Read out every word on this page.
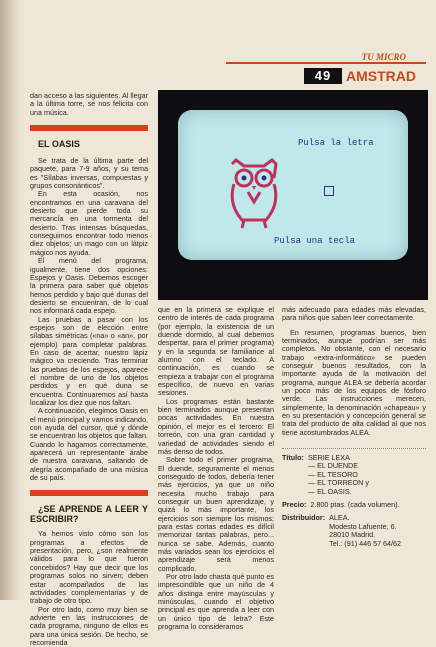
TU MICRO
49	AMSTRAD

dan acceso a las siguientes. Al llegar a la última torre, se nos felicita con una música.

EL OASIS

Se trata de la última parte del paquete, para 7-9 años, y su tema es "Sílabas inversas, compuestas y grupos consonánticos".

En esta ocasión, nos encontramos en una caravana del desierto que pierde toda su mercancía en una tormenta del desierto. Tras intensas búsquedas, conseguimos encontrar todo menos diez objetos; un mago con un látpiz mágico nos ayuda.

El menú del programa, igualmente, tiene dos opciones: Espejos y Oasis. Debemos escoger la primera para saber qué objetos hemos perdido y bajo qué dunas del desierto se encuentran, de lo cual nos informará cada espejo.

Las pruebas a pasar con los espejos son de elección entre sílabas simétricas («na» o «an», por ejemplo) para completar palabras. En caso de acertar, nuestro lápiz mágico va creciendo. Tras terminar las pruebas de los espejos, aparece el nombre de uno de los objetos perdidos y en qué duna se encuentra. Continuaremos así hasta localizar los diez que nos faltan.

A continuación, elegimos Oasis en el menú principal y vamos indicando, con ayuda del cursor, qué y dónde se encuentran los objetos que faltan. Cuando lo hagamos correctamente, aparecerá un representante árabe de nuestra caravana, saltando de alegría acompañado de una música de su país.

¿SE APRENDE A LEER Y ESCRIBIR?

Ya hemos visto cómo son los programas a efectos de presentación, pero, ¿son realmente válidos para lo que fueron concebidos? Hay que decir que los programas solos no sirven; deben estar acompañados de las actividades complementarias y de trabajo de otro tipo.

Por otro lado, como muy bien se advierte en las instrucciones de cada programa, ninguno de ellos es para una única sesión. De hecho, se recomienda

Pulsa la letra
Pulsa una tecla

que en la primera se explique el centro de interés de cada programa (por ejemplo, la existencia de un duende dormido, al cual debemos despertar, para el primer programa) y en la segunda se familiarice al alumno con el teclado. A continuación, es cuando se empieza a trabajar con el programa específico, de nuevo en varias sesiones.

Los programas están bastante bien terminados aunque presentan pocas actividades. En nuestra opinión, el mejor es el tercero: El torreón, con una gran cantidad y variedad de actividades siendo el más denso de todos.

Sobre todo el primer programa, El duende, seguramente el menos conseguido de todos, debería tener más ejercicios, ya que un niño necesita mucho trabajo para conseguir un buen aprendizaje, y quizá lo más importante, los ejercicios son siempre los mismos; para estas cortas edades es difícil memorizar tantas palabras, pero... nunca se sabe. Además, cuanto más variados sean los ejercicios el aprendizaje será menos complicado.

Por otro lado chasta qué punto es imprescindible que un niño de 4 años distinga entre mayúsculas y minúsculas, cuando el objetivo principal es que aprenda a leer con un único tipo de letra? Este programa lo consideramos

más adecuado para edades más elevadas, para niños que saben leer correctamente.

En resumen, programas buenos, bien terminados, aunque podrían ser más completos. No obstante, con el necesario trabajo «extra-informático» se pueden conseguir buenos resultados, con la importante ayuda de la motivación del programa, aunque ALEA se debería acordar un poco más de los equipos de fósforo verde. Las instrucciones merecen, simplemente, la denominación «chapeau» y en su presentación y concepción general se trata del producto de alta calidad al que nos tiene acostumbrados ALEA.

Título: SERIE LEXA
— EL DUENDE
— EL TESORO
— EL TORREON y
— EL OASIS.
Precio: 2.800 ptas. (cada volumen).
Distribuidor: ALEA.
Modesto Lafuente, 6.
28010 Madrid.
Tel.: (91) 446 57 64/62
